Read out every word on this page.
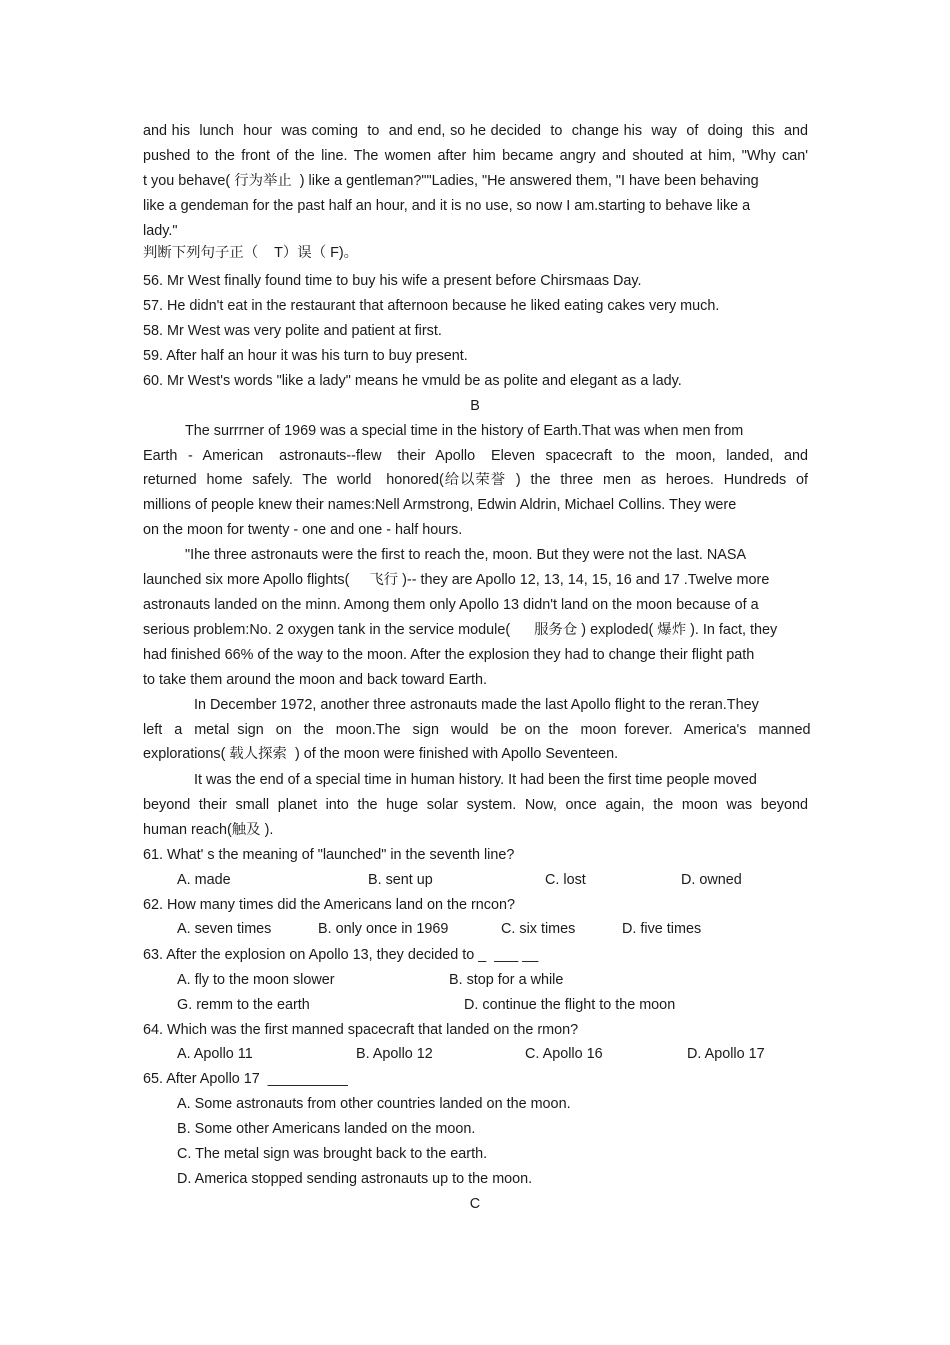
and his  lunch  hour  was coming  to  and end, so he decided  to  change his  way  of  doing  this  and
pushed to the front of the line. The women after him became angry and shouted at him, "Why can'
t you behave( 行为举止  ) like a gentleman?""Ladies, "He answered them, "I have been behaving
like a gendeman for the past half an hour, and it is no use, so now I am.starting to behave like a
lady."
判断下列句子正（    T）误（ F)。
56. Mr West finally found time to buy his wife a present before Chirsmaas Day.
57. He didn't eat in the restaurant that afternoon because he liked eating cakes very much.
58. Mr West was very polite and patient at first.
59. After half an hour it was his turn to buy present.
60. Mr West's words "like a lady" means he vmuld be as polite and elegant as a lady.
B
The surrrner of 1969 was a special time in the history of Earth.That was when men from
Earth  -  American   astronauts--flew   their  Apollo   Eleven  spacecraft  to  the  moon,  landed,  and
returned  home  safely.  The  world   honored(给以荣誉  )  the  three  men  as  heroes.  Hundreds  of
millions of people knew their names:Nell Armstrong, Edwin Aldrin, Michael Collins. They were
on the moon for twenty - one and one - half hours.
"Ihe three astronauts were the first to reach the, moon. But they were not the last. NASA
launched six more Apollo flights(     飞行 )-- they are Apollo 12, 13, 14, 15, 16 and 17 .Twelve more
astronauts landed on the minn. Among them only Apollo 13 didn't land on the moon because of a
serious problem:No. 2 oxygen tank in the service module(      服务仓 ) exploded( 爆炸 ). In fact, they
had finished 66% of the way to the moon. After the explosion they had to change their flight path
to take them around the moon and back toward Earth.
In December 1972, another three astronauts made the last Apollo flight to the reran.They
left   a   metal  sign   on   the   moon.The   sign   would   be  on  the   moon  forever.   America's   manned
explorations( 载人探索  ) of the moon were finished with Apollo Seventeen.
It was the end of a special time in human history. It had been the first time people moved
beyond  their  small  planet  into  the  huge  solar  system.  Now,  once  again,  the  moon  was  beyond
human reach(触及 ).
61. What' s the meaning of "launched" in the seventh line?
A. made	B. sent up	C. lost	D. owned
62. How many times did the Americans land on the rncon?
A. seven times	B. only once in 1969	C. six times	D. five times
63. After the explosion on Apollo 13, they decided to _  ___ __
A. fly to the moon slower	B. stop for a while
G. remm to the earth	D. continue the flight to the moon
64. Which was the first manned spacecraft that landed on the rmon?
A. Apollo 11	B. Apollo 12	C. Apollo 16	D. Apollo 17
65. After Apollo 17  __________
A. Some astronauts from other countries landed on the moon.
B. Some other Americans landed on the moon.
C. The metal sign was brought back to the earth.
D. America stopped sending astronauts up to the moon.
C
